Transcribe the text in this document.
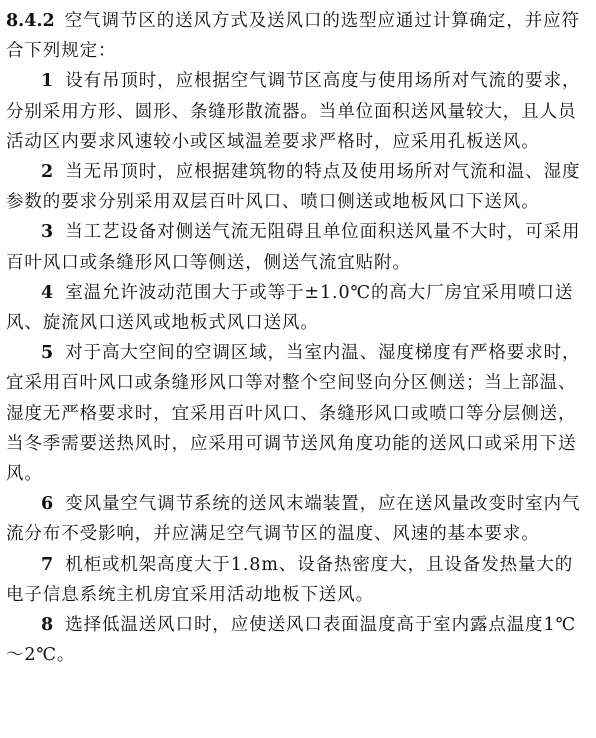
8.4.2 空气调节区的送风方式及送风口的选型应通过计算确定，并应符合下列规定：

1 设有吊顶时，应根据空气调节区高度与使用场所对气流的要求，分别采用方形、圆形、条缝形散流器。当单位面积送风量较大，且人员活动区内要求风速较小或区域温差要求严格时，应采用孔板送风。

2 当无吊顶时，应根据建筑物的特点及使用场所对气流和温、湿度参数的要求分别采用双层百叶风口、喷口侧送或地板风口下送风。

3 当工艺设备对侧送气流无阻碍且单位面积送风量不大时，可采用百叶风口或条缝形风口等侧送，侧送气流宜贴附。

4 室温允许波动范围大于或等于±1.0℃的高大厂房宜采用喷口送风、旋流风口送风或地板式风口送风。

5 对于高大空间的空调区域，当室内温、湿度梯度有严格要求时，宜采用百叶风口或条缝形风口等对整个空间竖向分区侧送；当上部温、湿度无严格要求时，宜采用百叶风口、条缝形风口或喷口等分层侧送，当冬季需要送热风时，应采用可调节送风角度功能的送风口或采用下送风。

6 变风量空气调节系统的送风末端装置，应在送风量改变时室内气流分布不受影响，并应满足空气调节区的温度、风速的基本要求。

7 机柜或机架高度大于1.8m、设备热密度大，且设备发热量大的电子信息系统主机房宜采用活动地板下送风。

8 选择低温送风口时，应使送风口表面温度高于室内露点温度1℃～2℃。
